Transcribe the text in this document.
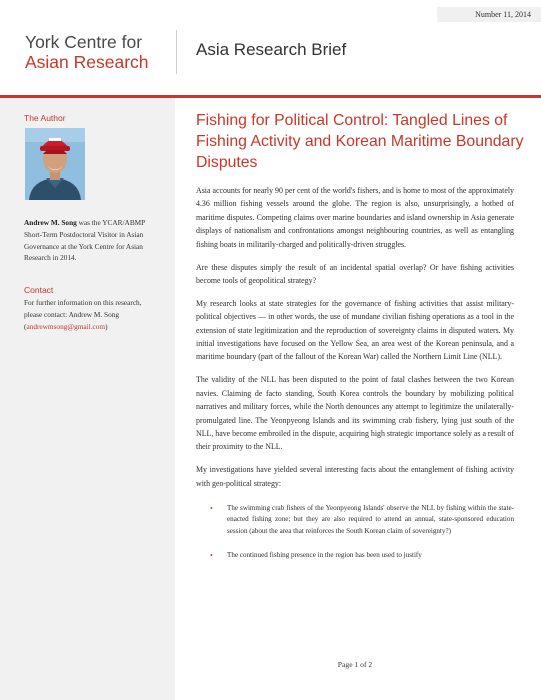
Number 11, 2014
York Centre for
Asian Research
Asia Research Brief
The Author
Andrew M. Song was the YCAR/ABMP Short-Term Postdoctoral Visitor in Asian Governance at the York Centre for Asian Research in 2014.
Contact
For further information on this research, please contact: Andrew M. Song (andrewmsong@gmail.com)
Fishing for Political Control: Tangled Lines of Fishing Activity and Korean Maritime Boundary Disputes

Asia accounts for nearly 90 per cent of the world's fishers, and is home to most of the approximately 4.36 million fishing vessels around the globe. The region is also, unsurprisingly, a hotbed of maritime disputes. Competing claims over marine boundaries and island ownership in Asia generate displays of nationalism and confrontations amongst neighbouring countries, as well as entangling fishing boats in militarily-charged and politically-driven struggles.

Are these disputes simply the result of an incidental spatial overlap? Or have fishing activities become tools of geopolitical strategy?

My research looks at state strategies for the governance of fishing activities that assist military-political objectives — in other words, the use of mundane civilian fishing operations as a tool in the extension of state legitimization and the reproduction of sovereignty claims in disputed waters. My initial investigations have focused on the Yellow Sea, an area west of the Korean peninsula, and a maritime boundary (part of the fallout of the Korean War) called the Northern Limit Line (NLL).

The validity of the NLL has been disputed to the point of fatal clashes between the two Korean navies. Claiming de facto standing, South Korea controls the boundary by mobilizing political narratives and military forces, while the North denounces any attempt to legitimize the unilaterally-promulgated line. The Yeonpyeong Islands and its swimming crab fishery, lying just south of the NLL, have become embroiled in the dispute, acquiring high strategic importance solely as a result of their proximity to the NLL.

My investigations have yielded several interesting facts about the entanglement of fishing activity with geo-political strategy:

• The swimming crab fishers of the Yeonpyeong Islands' observe the NLL by fishing within the state-enacted fishing zone; but they are also required to attend an annual, state-sponsored education session (about the area that reinforces the South Korean claim of sovereignty?)
• The continued fishing presence in the region has been used to justify
Page 1 of 2
